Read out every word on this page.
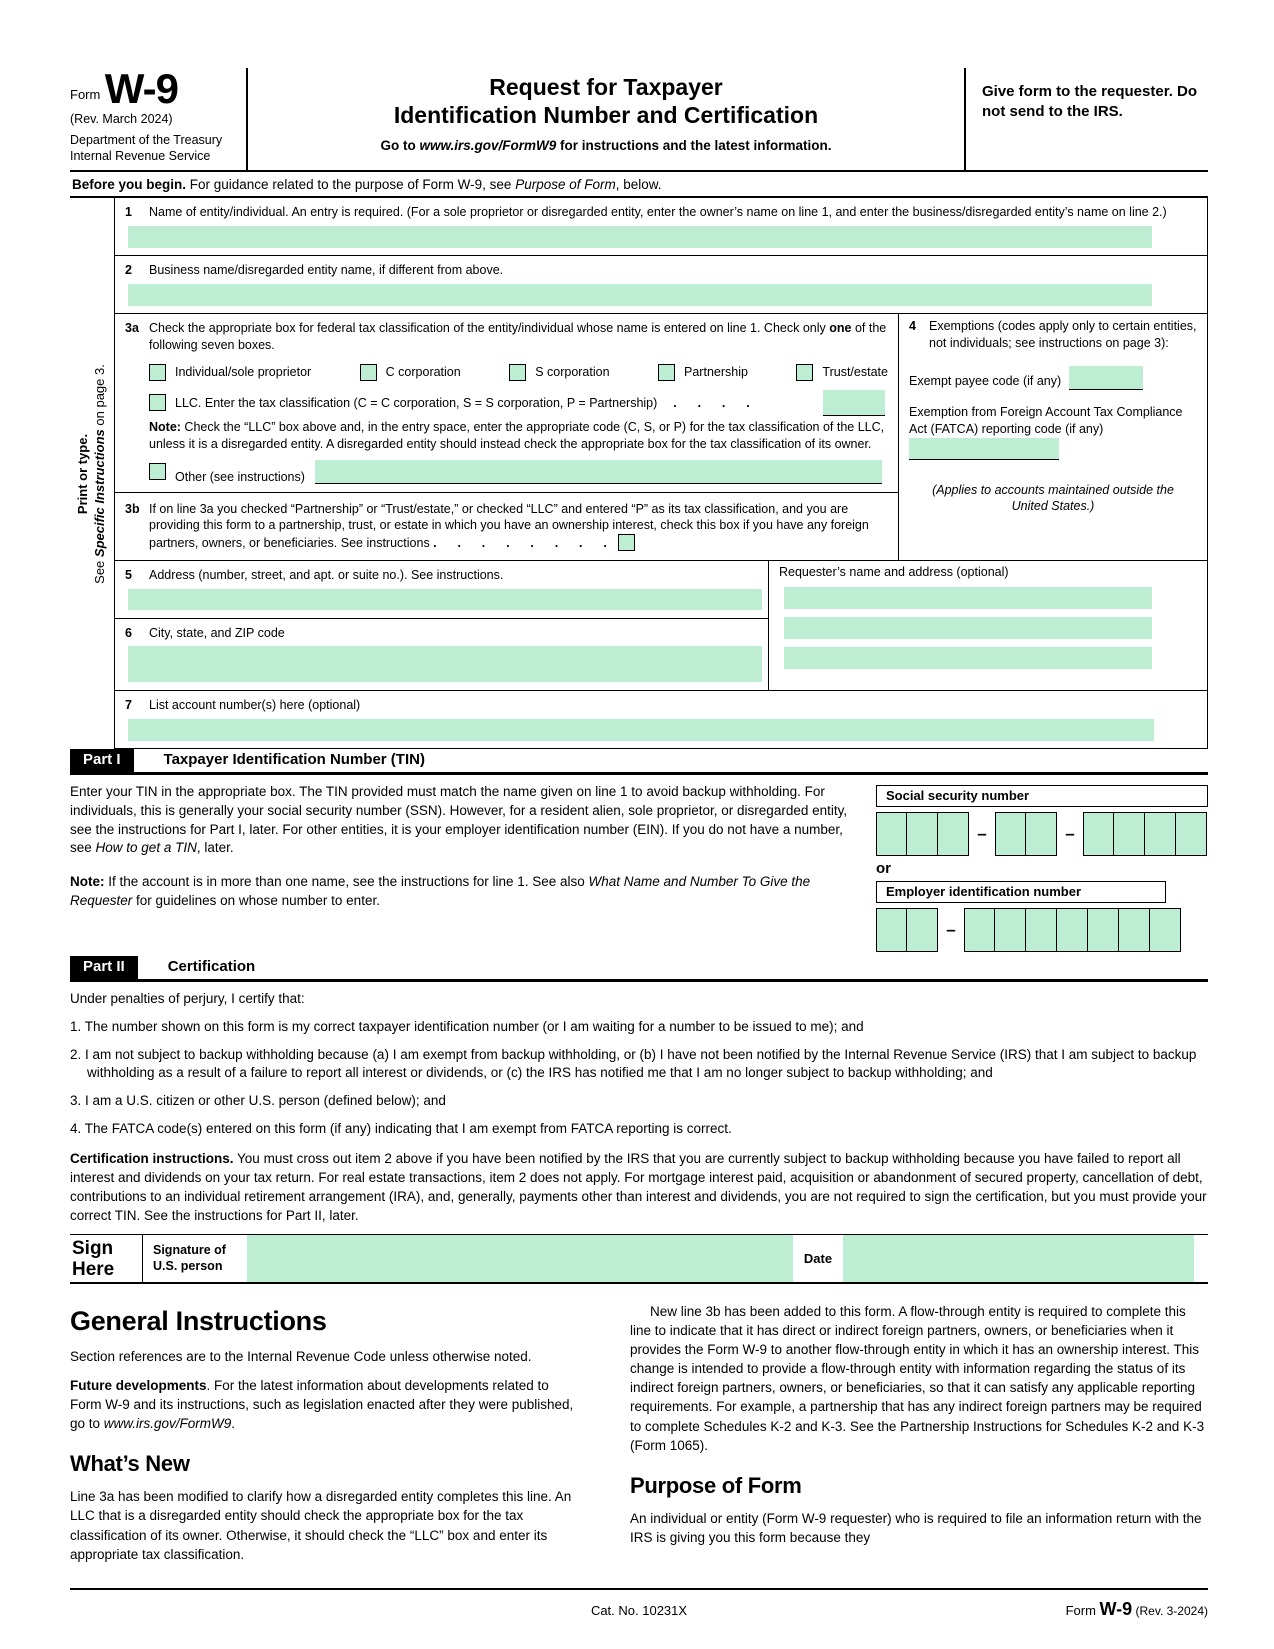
Form W-9
(Rev. March 2024)
Department of the Treasury
Internal Revenue Service
Request for Taxpayer
Identification Number and Certification
Go to www.irs.gov/FormW9 for instructions and the latest information.
Give form to the requester. Do not send to the IRS.
Before you begin. For guidance related to the purpose of Form W-9, see Purpose of Form, below.
Print or type.
See Specific Instructions on page 3.
1	Name of entity/individual. An entry is required. (For a sole proprietor or disregarded entity, enter the owner’s name on line 1, and enter the business/disregarded entity’s name on line 2.)
2	Business name/disregarded entity name, if different from above.
3a Check the appropriate box for federal tax classification of the entity/individual whose name is entered on line 1. Check only one of the following seven boxes.
Individual/sole proprietor	C corporation	S corporation	Partnership	Trust/estate
LLC. Enter the tax classification (C = C corporation, S = S corporation, P = Partnership) .      .      .      .
Note: Check the “LLC” box above and, in the entry space, enter the appropriate code (C, S, or P) for the tax classification of the LLC, unless it is a disregarded entity. A disregarded entity should instead check the appropriate box for the tax classification of its owner.
Other (see instructions)
3b If on line 3a you checked “Partnership” or “Trust/estate,” or checked “LLC” and entered “P” as its tax classification, and you are providing this form to a partnership, trust, or estate in which you have an ownership interest, check this box if you have any foreign partners, owners, or beneficiaries. See instructions .      .      .      .      .      .      .      .
4	Exemptions (codes apply only to certain entities, not individuals; see instructions on page 3):
Exempt payee code (if any)
Exemption from Foreign Account Tax Compliance Act (FATCA) reporting code (if any)
(Applies to accounts maintained outside the United States.)
5	Address (number, street, and apt. or suite no.). See instructions.
6	City, state, and ZIP code
Requester’s name and address (optional)
7	List account number(s) here (optional)
Part I	Taxpayer Identification Number (TIN)
Enter your TIN in the appropriate box. The TIN provided must match the name given on line 1 to avoid backup withholding. For individuals, this is generally your social security number (SSN). However, for a resident alien, sole proprietor, or disregarded entity, see the instructions for Part I, later. For other entities, it is your employer identification number (EIN). If you do not have a number, see How to get a TIN, later.
Note: If the account is in more than one name, see the instructions for line 1. See also What Name and Number To Give the Requester for guidelines on whose number to enter.
Social security number
–	–
or
Employer identification number
–
Part II	Certification

Under penalties of perjury, I certify that:

1. The number shown on this form is my correct taxpayer identification number (or I am waiting for a number to be issued to me); and

2. I am not subject to backup withholding because (a) I am exempt from backup withholding, or (b) I have not been notified by the Internal Revenue Service (IRS) that I am subject to backup withholding as a result of a failure to report all interest or dividends, or (c) the IRS has notified me that I am no longer subject to backup withholding; and

3. I am a U.S. citizen or other U.S. person (defined below); and

4. The FATCA code(s) entered on this form (if any) indicating that I am exempt from FATCA reporting is correct.

Certification instructions. You must cross out item 2 above if you have been notified by the IRS that you are currently subject to backup withholding because you have failed to report all interest and dividends on your tax return. For real estate transactions, item 2 does not apply. For mortgage interest paid, acquisition or abandonment of secured property, cancellation of debt, contributions to an individual retirement arrangement (IRA), and, generally, payments other than interest and dividends, you are not required to sign the certification, but you must provide your correct TIN. See the instructions for Part II, later.

Sign
Here
Signature of
U.S. person
Date
General Instructions

Section references are to the Internal Revenue Code unless otherwise noted.

Future developments. For the latest information about developments related to Form W-9 and its instructions, such as legislation enacted after they were published, go to www.irs.gov/FormW9.

What’s New

Line 3a has been modified to clarify how a disregarded entity completes this line. An LLC that is a disregarded entity should check the appropriate box for the tax classification of its owner. Otherwise, it should check the “LLC” box and enter its appropriate tax classification.

New line 3b has been added to this form. A flow-through entity is required to complete this line to indicate that it has direct or indirect foreign partners, owners, or beneficiaries when it provides the Form W-9 to another flow-through entity in which it has an ownership interest. This change is intended to provide a flow-through entity with information regarding the status of its indirect foreign partners, owners, or beneficiaries, so that it can satisfy any applicable reporting requirements. For example, a partnership that has any indirect foreign partners may be required to complete Schedules K-2 and K-3. See the Partnership Instructions for Schedules K-2 and K-3 (Form 1065).

Purpose of Form

An individual or entity (Form W-9 requester) who is required to file an information return with the IRS is giving you this form because they

Cat. No. 10231X	Form W-9 (Rev. 3-2024)
